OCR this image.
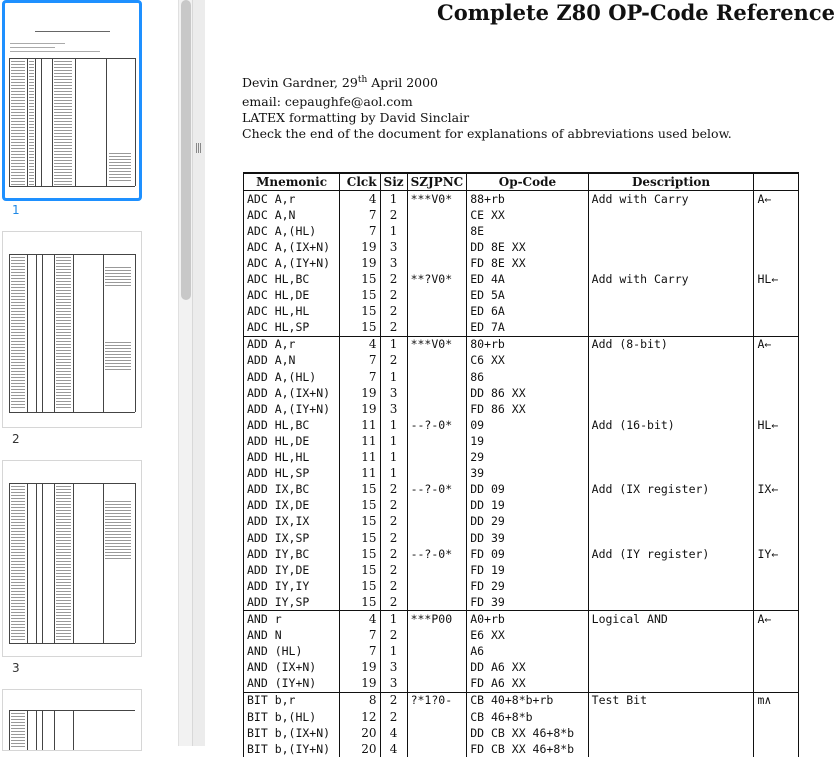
1
2
3
Complete Z80 OP-Code Reference
Devin Gardner, 29th April 2000
email: cepaughfe@aol.com
LATEX formatting by David Sinclair
Check the end of the document for explanations of abbreviations used below.
Mnemonic	Clck	Siz	SZJPNC	Op-Code	Description	
ADC A,r	4	1	***V0*	88+rb	Add with Carry	A←
ADC A,N	7	2		CE XX		
ADC A,(HL)	7	1		8E		
ADC A,(IX+N)	19	3		DD 8E XX		
ADC A,(IY+N)	19	3		FD 8E XX		
ADC HL,BC	15	2	**?V0*	ED 4A	Add with Carry	HL←
ADC HL,DE	15	2		ED 5A		
ADC HL,HL	15	2		ED 6A		
ADC HL,SP	15	2		ED 7A		
ADD A,r	4	1	***V0*	80+rb	Add (8-bit)	A←
ADD A,N	7	2		C6 XX		
ADD A,(HL)	7	1		86		
ADD A,(IX+N)	19	3		DD 86 XX		
ADD A,(IY+N)	19	3		FD 86 XX		
ADD HL,BC	11	1	--?-0*	09	Add (16-bit)	HL←
ADD HL,DE	11	1		19		
ADD HL,HL	11	1		29		
ADD HL,SP	11	1		39		
ADD IX,BC	15	2	--?-0*	DD 09	Add (IX register)	IX←
ADD IX,DE	15	2		DD 19		
ADD IX,IX	15	2		DD 29		
ADD IX,SP	15	2		DD 39		
ADD IY,BC	15	2	--?-0*	FD 09	Add (IY register)	IY←
ADD IY,DE	15	2		FD 19		
ADD IY,IY	15	2		FD 29		
ADD IY,SP	15	2		FD 39		
AND r	4	1	***P00	A0+rb	Logical AND	A←
AND N	7	2		E6 XX		
AND (HL)	7	1		A6		
AND (IX+N)	19	3		DD A6 XX		
AND (IY+N)	19	3		FD A6 XX		
BIT b,r	8	2	?*1?0-	CB 40+8*b+rb	Test Bit	m∧
BIT b,(HL)	12	2		CB 46+8*b		
BIT b,(IX+N)	20	4		DD CB XX 46+8*b		
BIT b,(IY+N)	20	4		FD CB XX 46+8*b		
